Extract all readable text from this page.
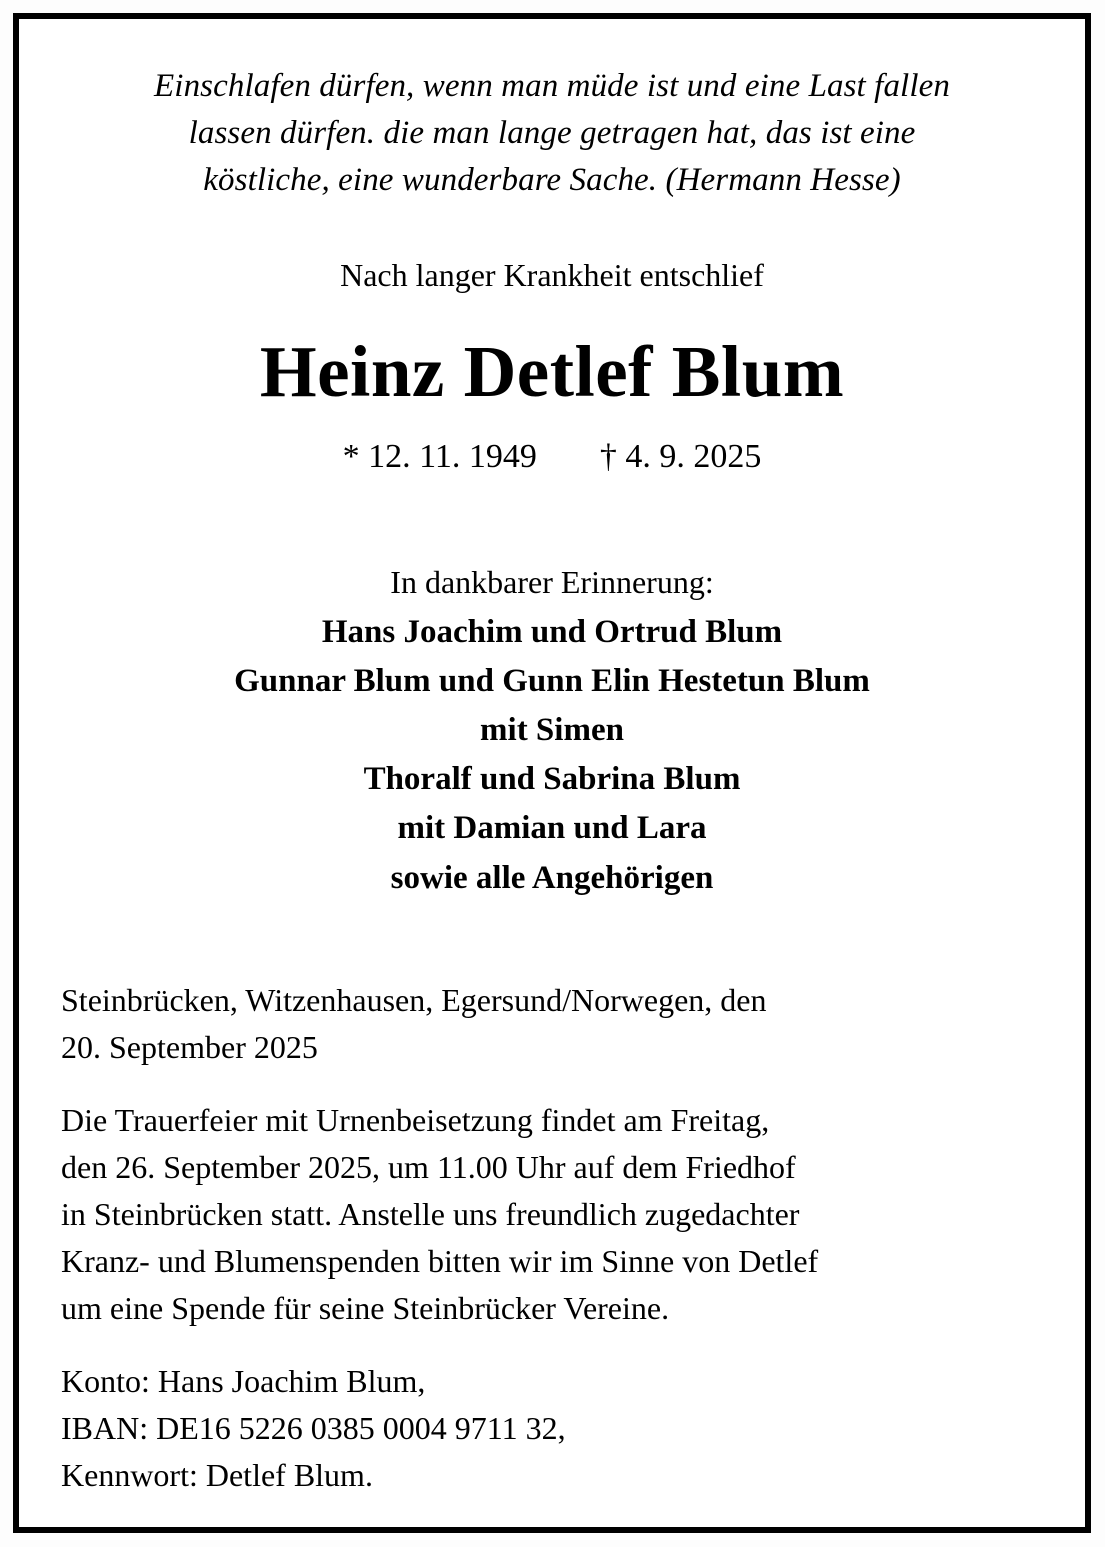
Einschlafen dürfen, wenn man müde ist und eine Last fallen
lassen dürfen. die man lange getragen hat, das ist eine
köstliche, eine wunderbare Sache. (Hermann Hesse)
Nach langer Krankheit entschlief
Heinz Detlef Blum
* 12. 11. 1949 † 4. 9. 2025
In dankbarer Erinnerung:
Hans Joachim und Ortrud Blum
Gunnar Blum und Gunn Elin Hestetun Blum
mit Simen
Thoralf und Sabrina Blum
mit Damian und Lara
sowie alle Angehörigen
Steinbrücken, Witzenhausen, Egersund/Norwegen, den
20. September 2025
Die Trauerfeier mit Urnenbeisetzung findet am Freitag,
den 26. September 2025, um 11.00 Uhr auf dem Friedhof
in Steinbrücken statt. Anstelle uns freundlich zugedachter
Kranz- und Blumenspenden bitten wir im Sinne von Detlef
um eine Spende für seine Steinbrücker Vereine.
Konto: Hans Joachim Blum,
IBAN: DE16 5226 0385 0004 9711 32,
Kennwort: Detlef Blum.
